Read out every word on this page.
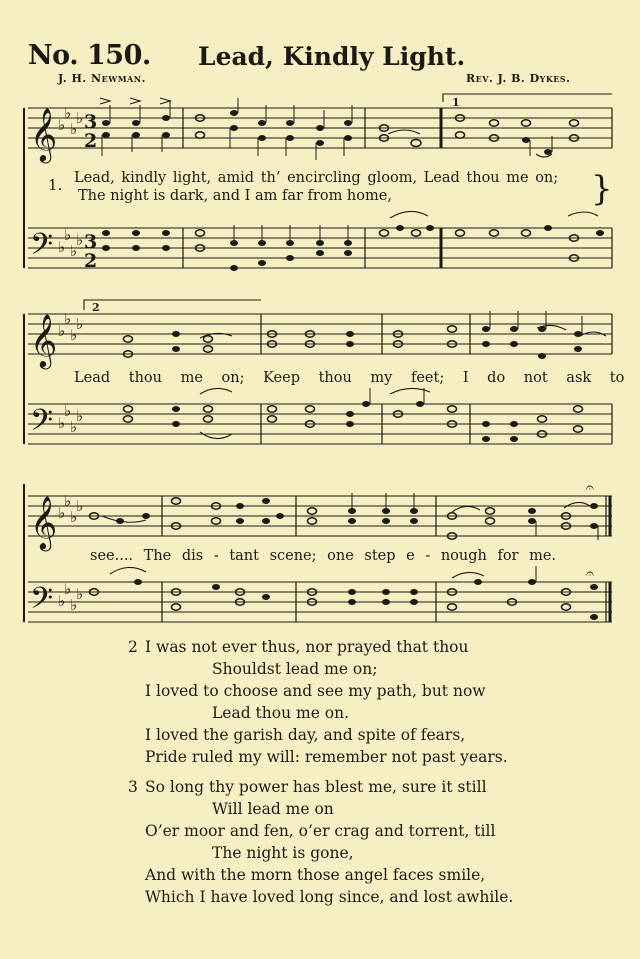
No. 150. Lead, Kindly Light.
J. H. Newman.	Rev. J. B. Dykes.
}
𝄞
𝄢
♭
♭
♭
♭
♭
♭
♭
♭
3
2
3
2
1
1. Lead, kindly light, amid th’ encircling gloom, Lead thou me on;
The night is dark, and I am far from home,
𝄞
𝄢
♭
♭
♭
♭
♭
♭
♭
♭
2
Lead thou me on; Keep thou my feet; I do not ask to
𝄞
𝄢
♭
♭
♭
♭
♭
♭
♭
♭
𝄐
𝄐
see.... The dis - tant scene; one step e - nough for me.
2 I was not ever thus, nor prayed that thou
Shouldst lead me on;
I loved to choose and see my path, but now
Lead thou me on.
I loved the garish day, and spite of fears,
Pride ruled my will: remember not past years.
3 So long thy power has blest me, sure it still
Will lead me on
O’er moor and fen, o’er crag and torrent, till
The night is gone,
And with the morn those angel faces smile,
Which I have loved long since, and lost awhile.
